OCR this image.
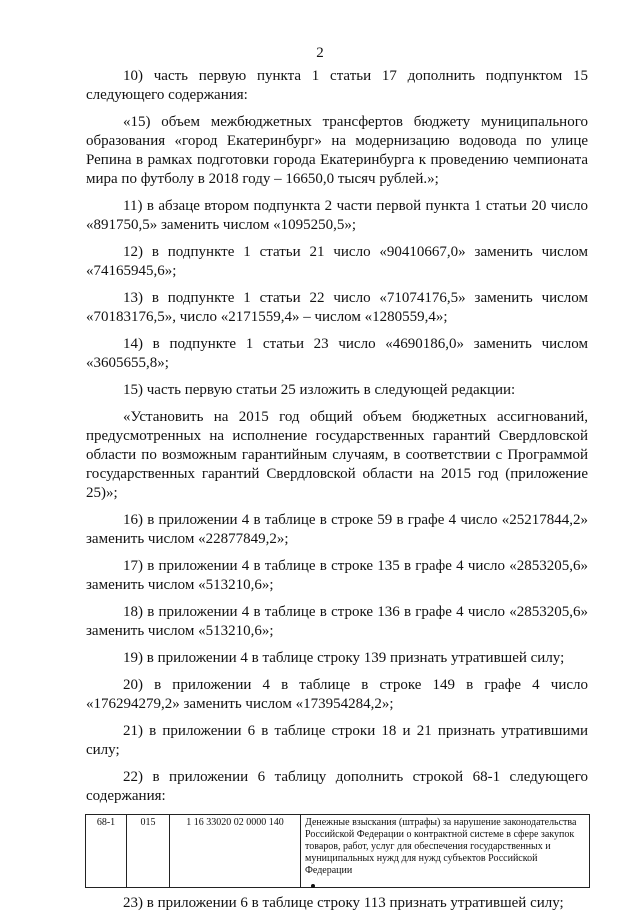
2

10) часть первую пункта 1 статьи 17 дополнить подпунктом 15 следующего содержания:

«15) объем межбюджетных трансфертов бюджету муниципального образования «город Екатеринбург» на модернизацию водовода по улице Репина в рамках подготовки города Екатеринбурга к проведению чемпионата мира по футболу в 2018 году – 16650,0 тысяч рублей.»;

11) в абзаце втором подпункта 2 части первой пункта 1 статьи 20 число «891750,5» заменить числом «1095250,5»;

12) в подпункте 1 статьи 21 число «90410667,0» заменить числом «74165945,6»;

13) в подпункте 1 статьи 22 число «71074176,5» заменить числом «70183176,5», число «2171559,4» – числом «1280559,4»;

14) в подпункте 1 статьи 23 число «4690186,0» заменить числом «3605655,8»;

15) часть первую статьи 25 изложить в следующей редакции:

«Установить на 2015 год общий объем бюджетных ассигнований, предусмотренных на исполнение государственных гарантий Свердловской области по возможным гарантийным случаям, в соответствии с Программой государственных гарантий Свердловской области на 2015 год (приложение 25)»;

16) в приложении 4 в таблице в строке 59 в графе 4 число «25217844,2» заменить числом «22877849,2»;

17) в приложении 4 в таблице в строке 135 в графе 4 число «2853205,6» заменить числом «513210,6»;

18) в приложении 4 в таблице в строке 136 в графе 4 число «2853205,6» заменить числом «513210,6»;

19) в приложении 4 в таблице строку 139 признать утратившей силу;

20) в приложении 4 в таблице в строке 149 в графе 4 число «176294279,2» заменить числом «173954284,2»;

21) в приложении 6 в таблице строки 18 и 21 признать утратившими силу;

22) в приложении 6 таблицу дополнить строкой 68-1 следующего содержания:

68-1	015	1 16 33020 02 0000 140	Денежные взыскания (штрафы) за нарушение законодательства Российской Федерации о контрактной системе в сфере закупок товаров, работ, услуг для обеспечения государственных и муниципальных нужд для нужд субъектов Российской Федерации

23) в приложении 6 в таблице строку 113 признать утратившей силу;
